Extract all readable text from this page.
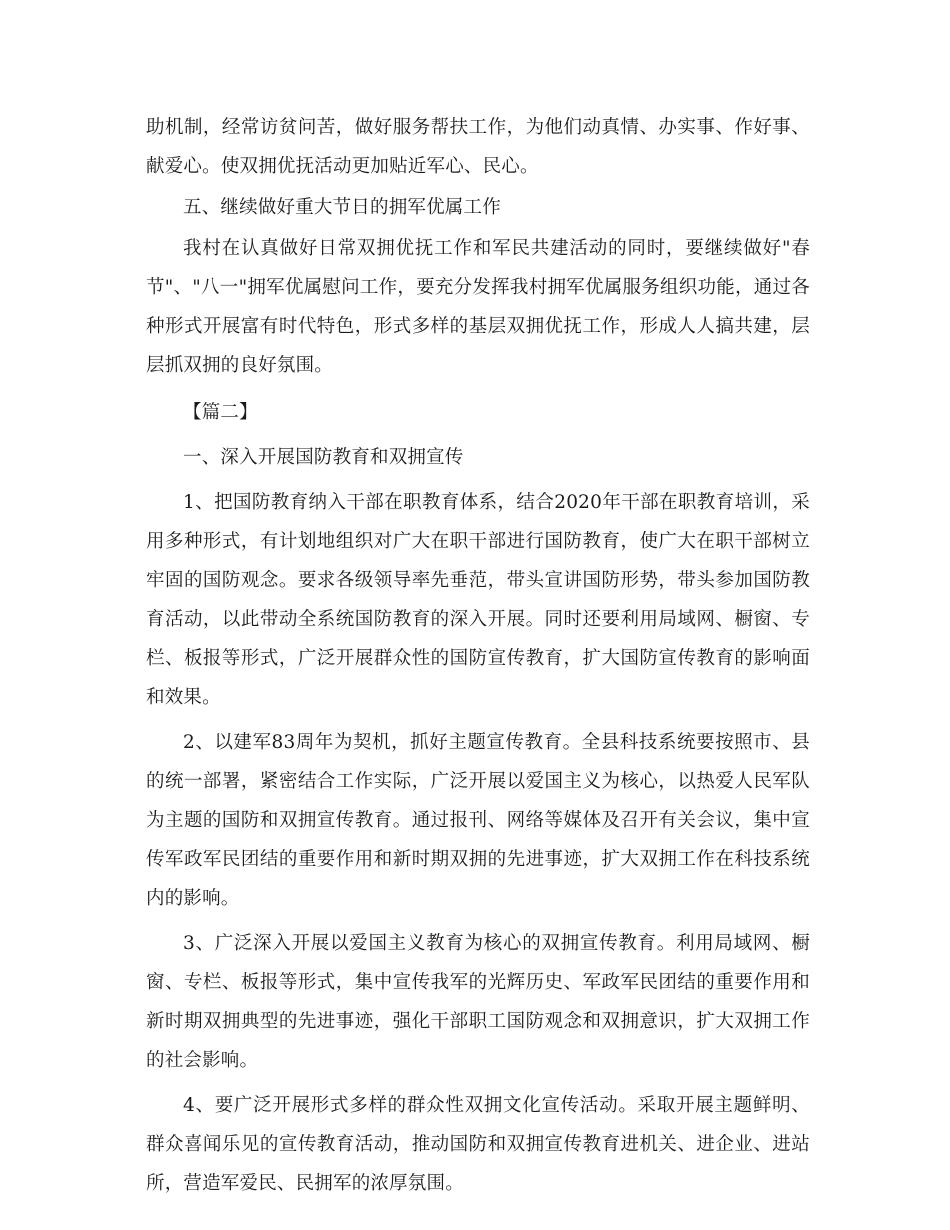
助机制，经常访贫问苦，做好服务帮扶工作，为他们动真情、办实事、作好事、献爱心。使双拥优抚活动更加贴近军心、民心。

五、继续做好重大节日的拥军优属工作

我村在认真做好日常双拥优抚工作和军民共建活动的同时，要继续做好"春节"、"八一"拥军优属慰问工作，要充分发挥我村拥军优属服务组织功能，通过各种形式开展富有时代特色，形式多样的基层双拥优抚工作，形成人人搞共建，层层抓双拥的良好氛围。

【篇二】

一、深入开展国防教育和双拥宣传

1、把国防教育纳入干部在职教育体系，结合2020年干部在职教育培训，采用多种形式，有计划地组织对广大在职干部进行国防教育，使广大在职干部树立牢固的国防观念。要求各级领导率先垂范，带头宣讲国防形势，带头参加国防教育活动，以此带动全系统国防教育的深入开展。同时还要利用局域网、橱窗、专栏、板报等形式，广泛开展群众性的国防宣传教育，扩大国防宣传教育的影响面和效果。

2、以建军83周年为契机，抓好主题宣传教育。全县科技系统要按照市、县的统一部署，紧密结合工作实际，广泛开展以爱国主义为核心，以热爱人民军队为主题的国防和双拥宣传教育。通过报刊、网络等媒体及召开有关会议，集中宣传军政军民团结的重要作用和新时期双拥的先进事迹，扩大双拥工作在科技系统内的影响。

3、广泛深入开展以爱国主义教育为核心的双拥宣传教育。利用局域网、橱窗、专栏、板报等形式，集中宣传我军的光辉历史、军政军民团结的重要作用和新时期双拥典型的先进事迹，强化干部职工国防观念和双拥意识，扩大双拥工作的社会影响。

4、要广泛开展形式多样的群众性双拥文化宣传活动。采取开展主题鲜明、群众喜闻乐见的宣传教育活动，推动国防和双拥宣传教育进机关、进企业、进站所，营造军爱民、民拥军的浓厚氛围。
